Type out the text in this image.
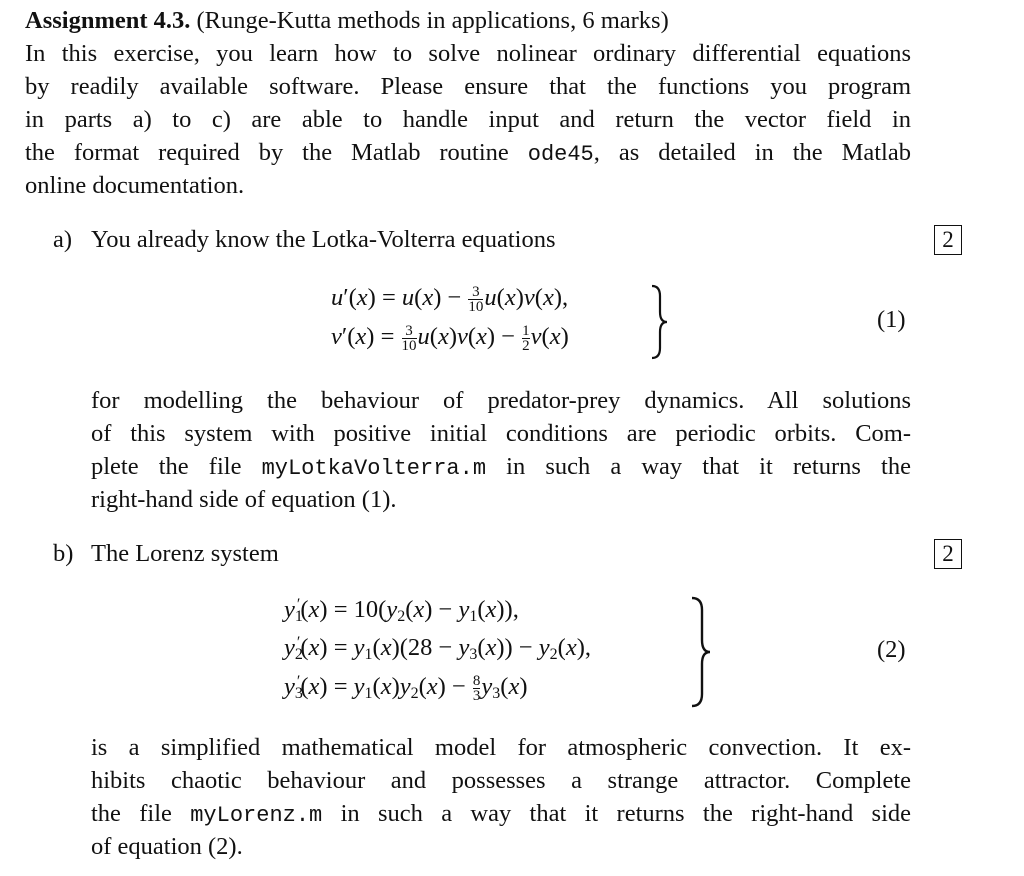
Assignment 4.3. (Runge-Kutta methods in applications, 6 marks)
In this exercise, you learn how to solve nolinear ordinary differential equations
by readily available software. Please ensure that the functions you program
in parts a) to c) are able to handle input and return the vector field in
the format required by the Matlab routine ode45, as detailed in the Matlab
online documentation.
a) You already know the Lotka-Volterra equations	2
$u'(x) = u(x) - \frac{3}{10} u(x)v(x)$,
$v'(x) = \frac{3}{10} u(x)v(x) - \frac{1}{2} v(x)$
(1)
for modelling the behaviour of predator-prey dynamics. All solutions
of this system with positive initial conditions are periodic orbits. Com-
plete the file myLotkaVolterra.m in such a way that it returns the
right-hand side of equation (1).
b) The Lorenz system	2
y1′(x) = 10(y2(x) − y1(x)),
y2′(x) = y1(x)(28 − y3(x)) − y2(x),
$y3'(x) = y1(x)y2(x) - \frac{8}{3} y3(x)$
(2)
is a simplified mathematical model for atmospheric convection. It ex-
hibits chaotic behaviour and possesses a strange attractor. Complete
the file myLorenz.m in such a way that it returns the right-hand side
of equation (2).
